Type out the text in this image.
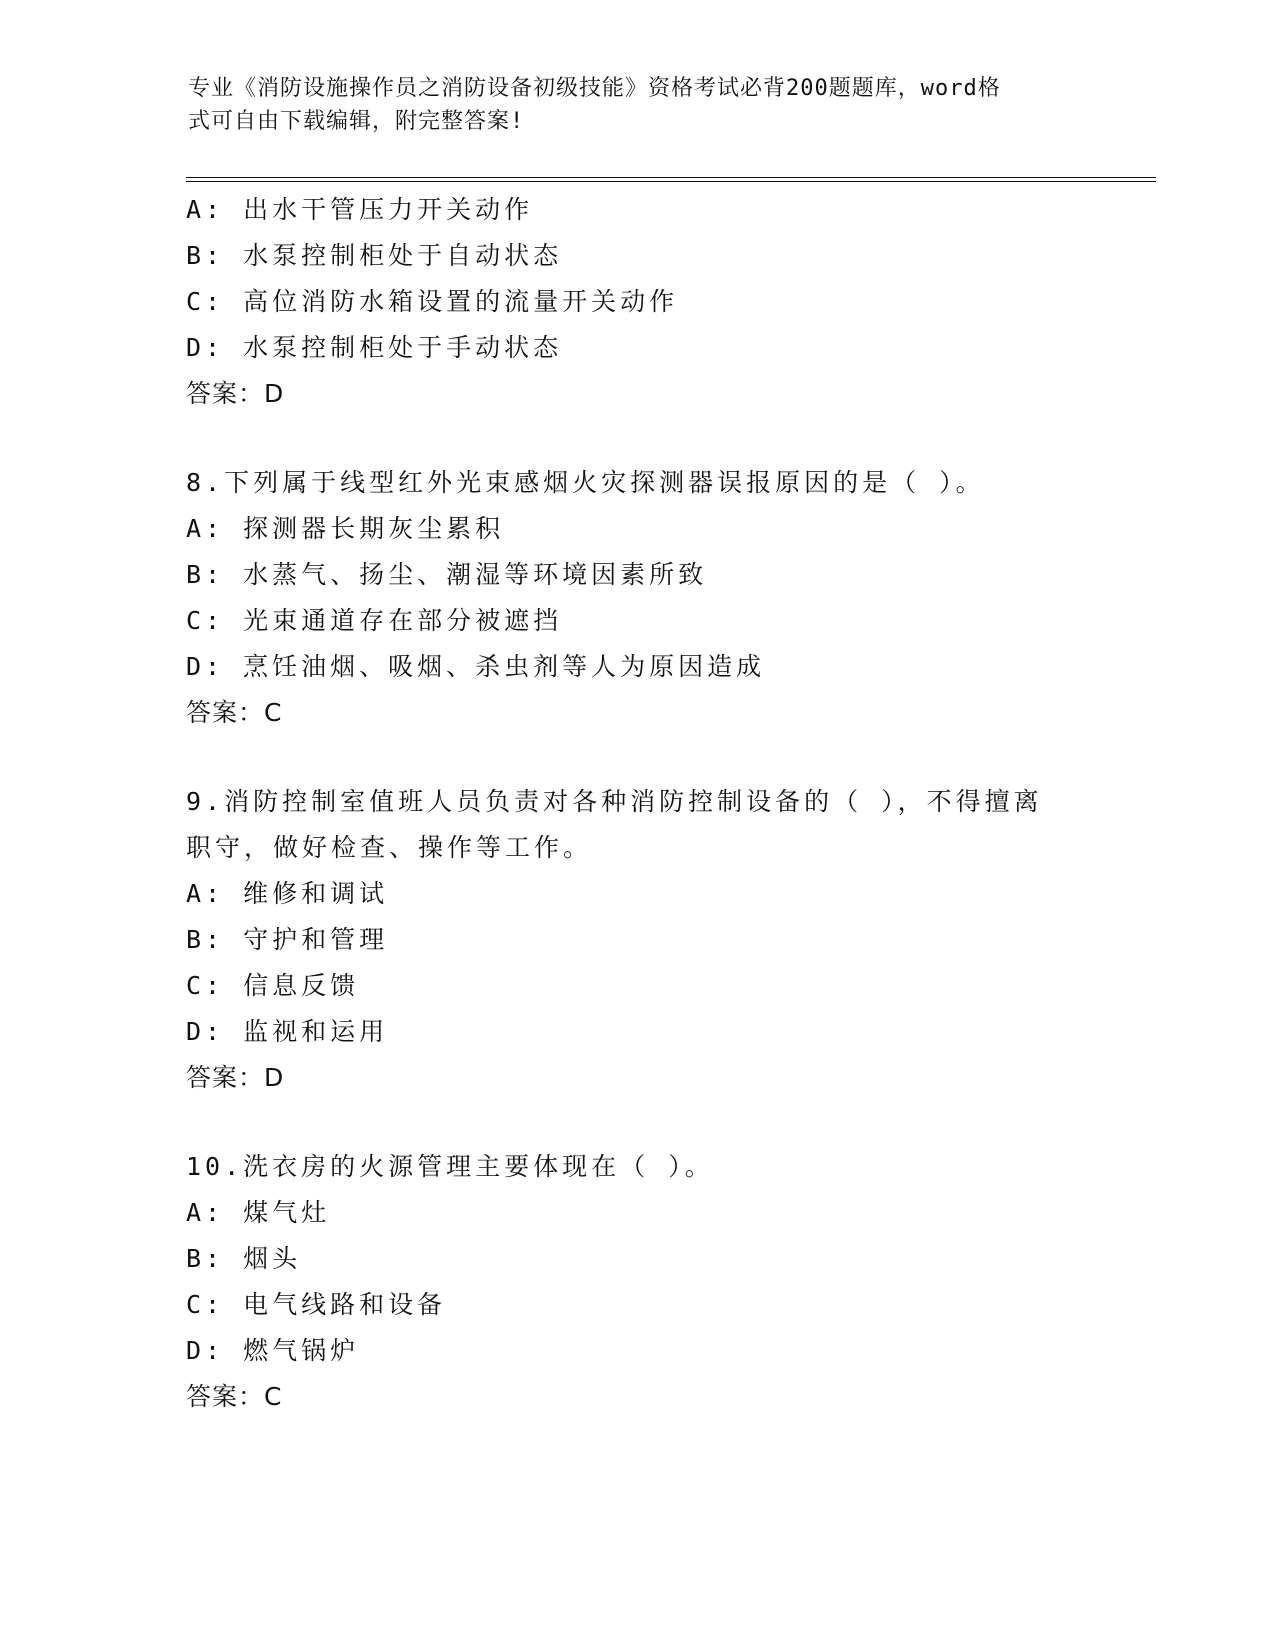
专业《消防设施操作员之消防设备初级技能》资格考试必背200题题库，word格
式可自由下载编辑，附完整答案!
A: 出水干管压力开关动作
B: 水泵控制柜处于自动状态
C: 高位消防水箱设置的流量开关动作
D: 水泵控制柜处于手动状态
答案：D
8.下列属于线型红外光束感烟火灾探测器误报原因的是（ ）。
A: 探测器长期灰尘累积
B: 水蒸气、扬尘、潮湿等环境因素所致
C: 光束通道存在部分被遮挡
D: 烹饪油烟、吸烟、杀虫剂等人为原因造成
答案：C
9.消防控制室值班人员负责对各种消防控制设备的（ ），不得擅离
职守，做好检查、操作等工作。
A: 维修和调试
B: 守护和管理
C: 信息反馈
D: 监视和运用
答案：D
10.洗衣房的火源管理主要体现在（ ）。
A: 煤气灶
B: 烟头
C: 电气线路和设备
D: 燃气锅炉
答案：C
